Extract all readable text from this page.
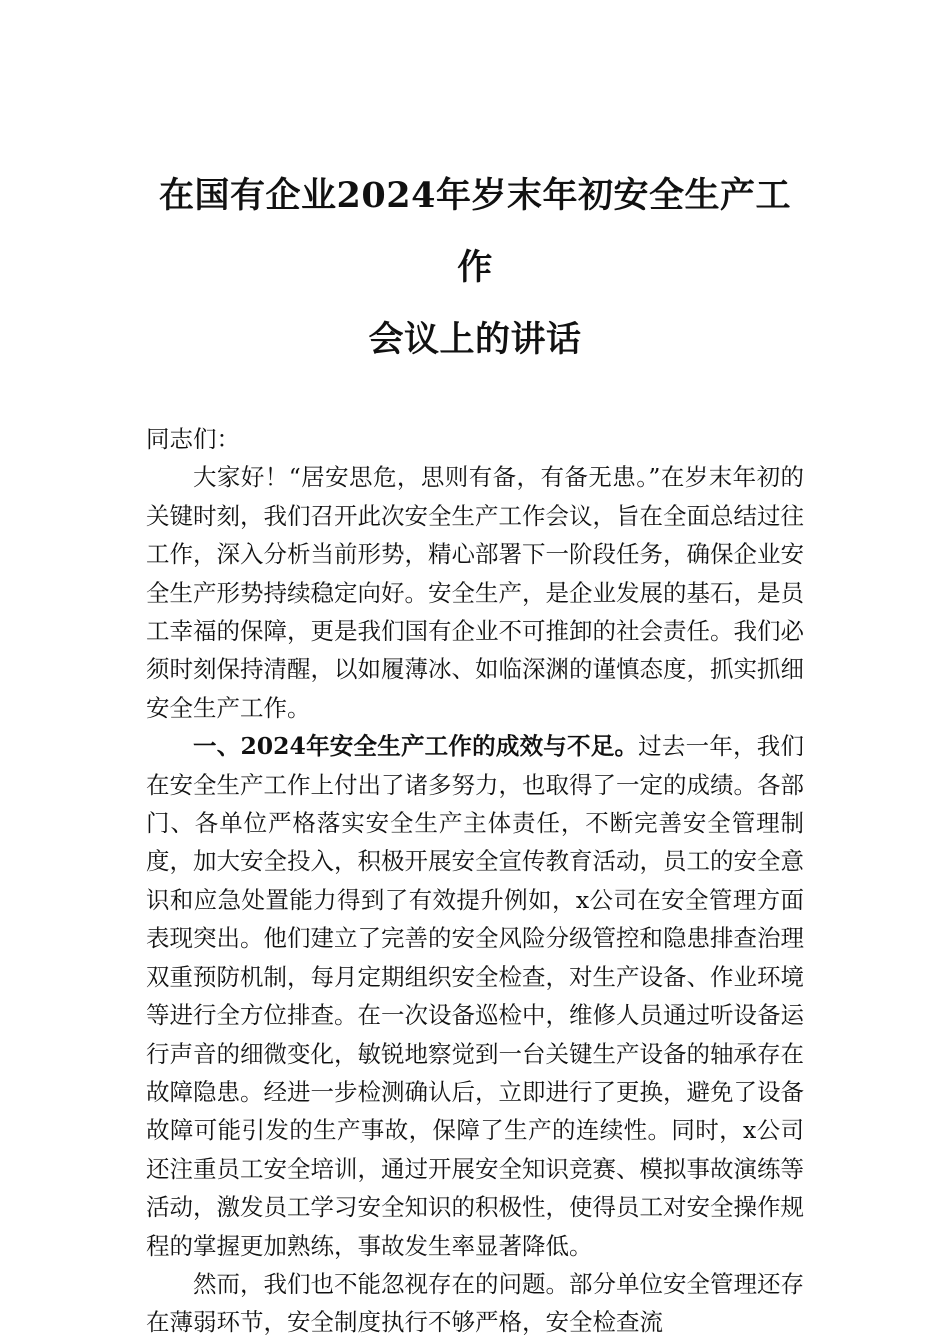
在国有企业2024年岁末年初安全生产工作
会议上的讲话

同志们：

大家好！“居安思危，思则有备，有备无患。”在岁末年初的关键时刻，我们召开此次安全生产工作会议，旨在全面总结过往工作，深入分析当前形势，精心部署下一阶段任务，确保企业安全生产形势持续稳定向好。安全生产，是企业发展的基石，是员工幸福的保障，更是我们国有企业不可推卸的社会责任。我们必须时刻保持清醒，以如履薄冰、如临深渊的谨慎态度，抓实抓细安全生产工作。

一、2024年安全生产工作的成效与不足。过去一年，我们在安全生产工作上付出了诸多努力，也取得了一定的成绩。各部门、各单位严格落实安全生产主体责任，不断完善安全管理制度，加大安全投入，积极开展安全宣传教育活动，员工的安全意识和应急处置能力得到了有效提升例如，x公司在安全管理方面表现突出。他们建立了完善的安全风险分级管控和隐患排查治理双重预防机制，每月定期组织安全检查，对生产设备、作业环境等进行全方位排查。在一次设备巡检中，维修人员通过听设备运行声音的细微变化，敏锐地察觉到一台关键生产设备的轴承存在故障隐患。经进一步检测确认后，立即进行了更换，避免了设备故障可能引发的生产事故，保障了生产的连续性。同时，x公司还注重员工安全培训，通过开展安全知识竞赛、模拟事故演练等活动，激发员工学习安全知识的积极性，使得员工对安全操作规程的掌握更加熟练，事故发生率显著降低。

然而，我们也不能忽视存在的问题。部分单位安全管理还存在薄弱环节，安全制度执行不够严格，安全检查流
